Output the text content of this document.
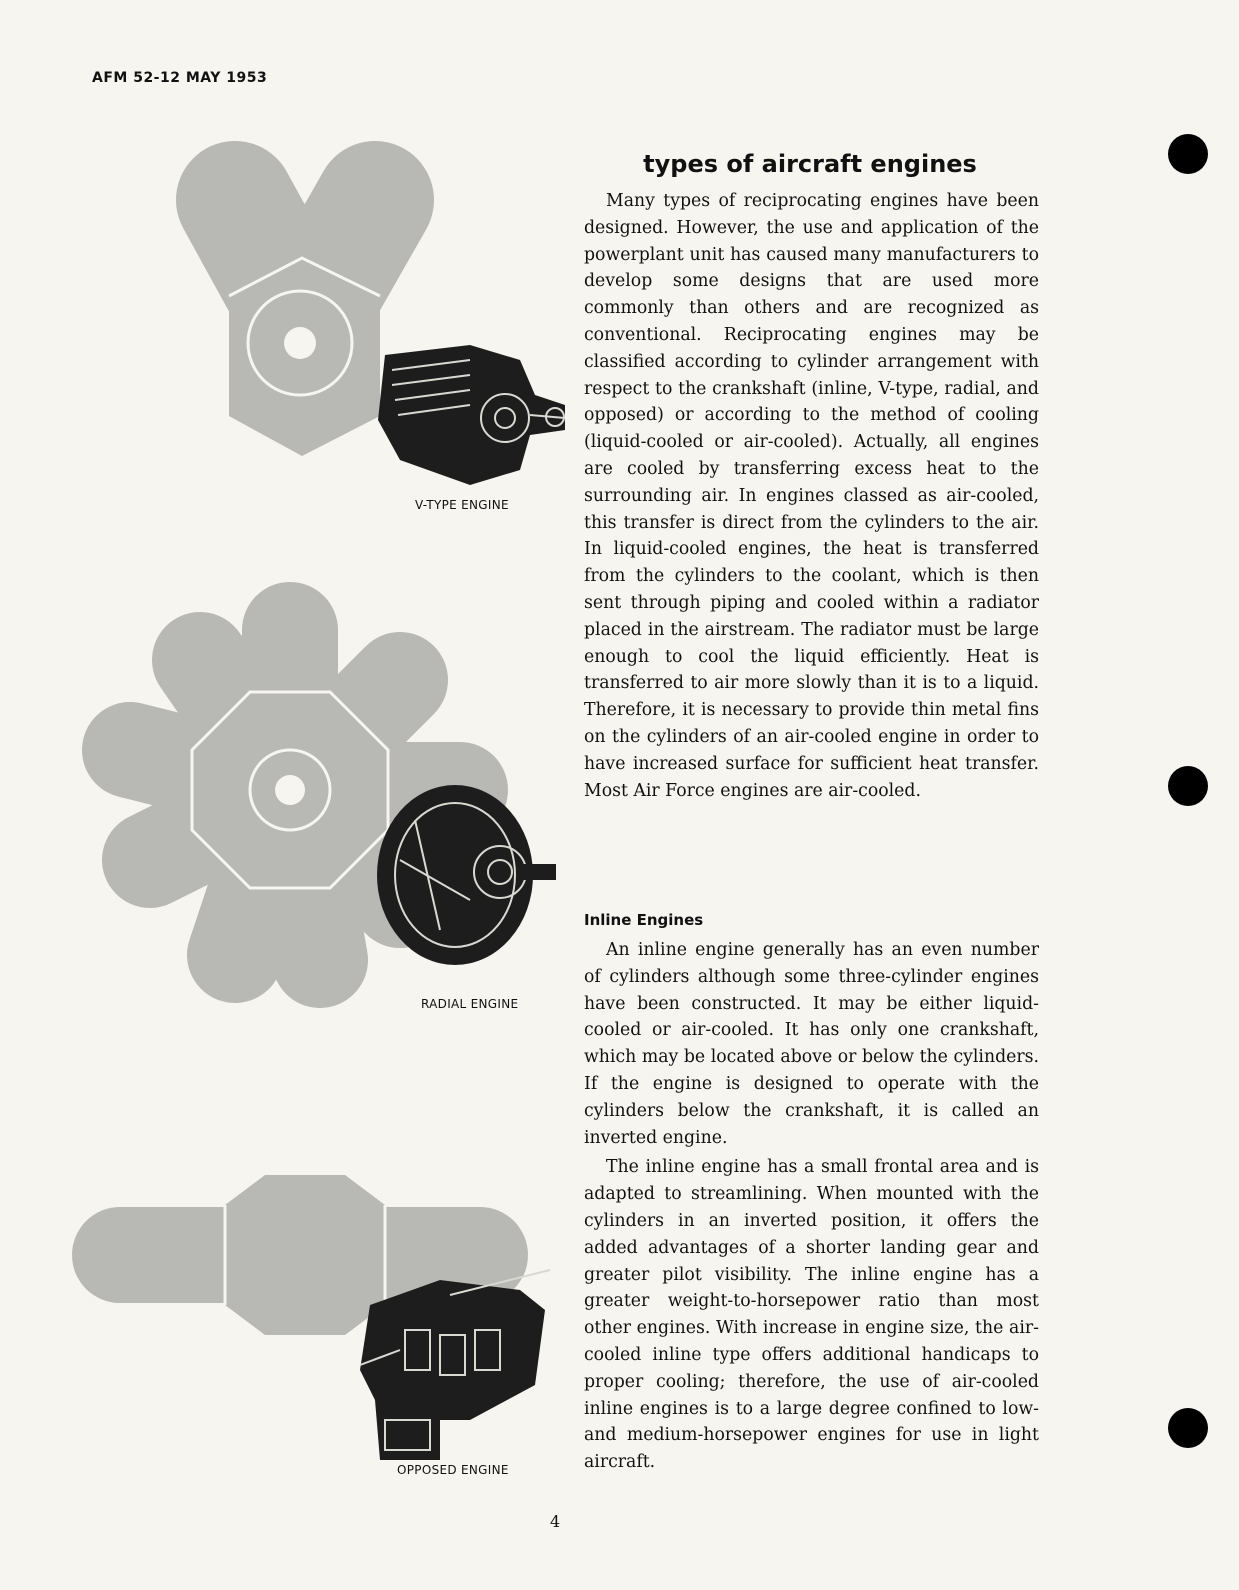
AFM 52-12 MAY 1953
types of aircraft engines

Many types of reciprocating engines have been designed. However, the use and application of the powerplant unit has caused many manufacturers to develop some designs that are used more commonly than others and are recognized as conventional. Reciprocating engines may be classified according to cylinder arrangement with respect to the crankshaft (inline, V-type, radial, and opposed) or according to the method of cooling (liquid-cooled or air-cooled). Actually, all engines are cooled by transferring excess heat to the surrounding air. In engines classed as air-cooled, this transfer is direct from the cylinders to the air. In liquid-cooled engines, the heat is transferred from the cylinders to the coolant, which is then sent through piping and cooled within a radiator placed in the airstream. The radiator must be large enough to cool the liquid efficiently. Heat is transferred to air more slowly than it is to a liquid. Therefore, it is necessary to provide thin metal fins on the cylinders of an air-cooled engine in order to have increased surface for sufficient heat transfer. Most Air Force engines are air-cooled.

Inline Engines

An inline engine generally has an even number of cylinders although some three-cylinder engines have been constructed. It may be either liquid-cooled or air-cooled. It has only one crankshaft, which may be located above or below the cylinders. If the engine is designed to operate with the cylinders below the crankshaft, it is called an inverted engine.

The inline engine has a small frontal area and is adapted to streamlining. When mounted with the cylinders in an inverted position, it offers the added advantages of a shorter landing gear and greater pilot visibility. The inline engine has a greater weight-to-horsepower ratio than most other engines. With increase in engine size, the air-cooled inline type offers additional handicaps to proper cooling; therefore, the use of air-cooled inline engines is to a large degree confined to low- and medium-horsepower engines for use in light aircraft.

V-TYPE ENGINE
RADIAL ENGINE
OPPOSED ENGINE
4
